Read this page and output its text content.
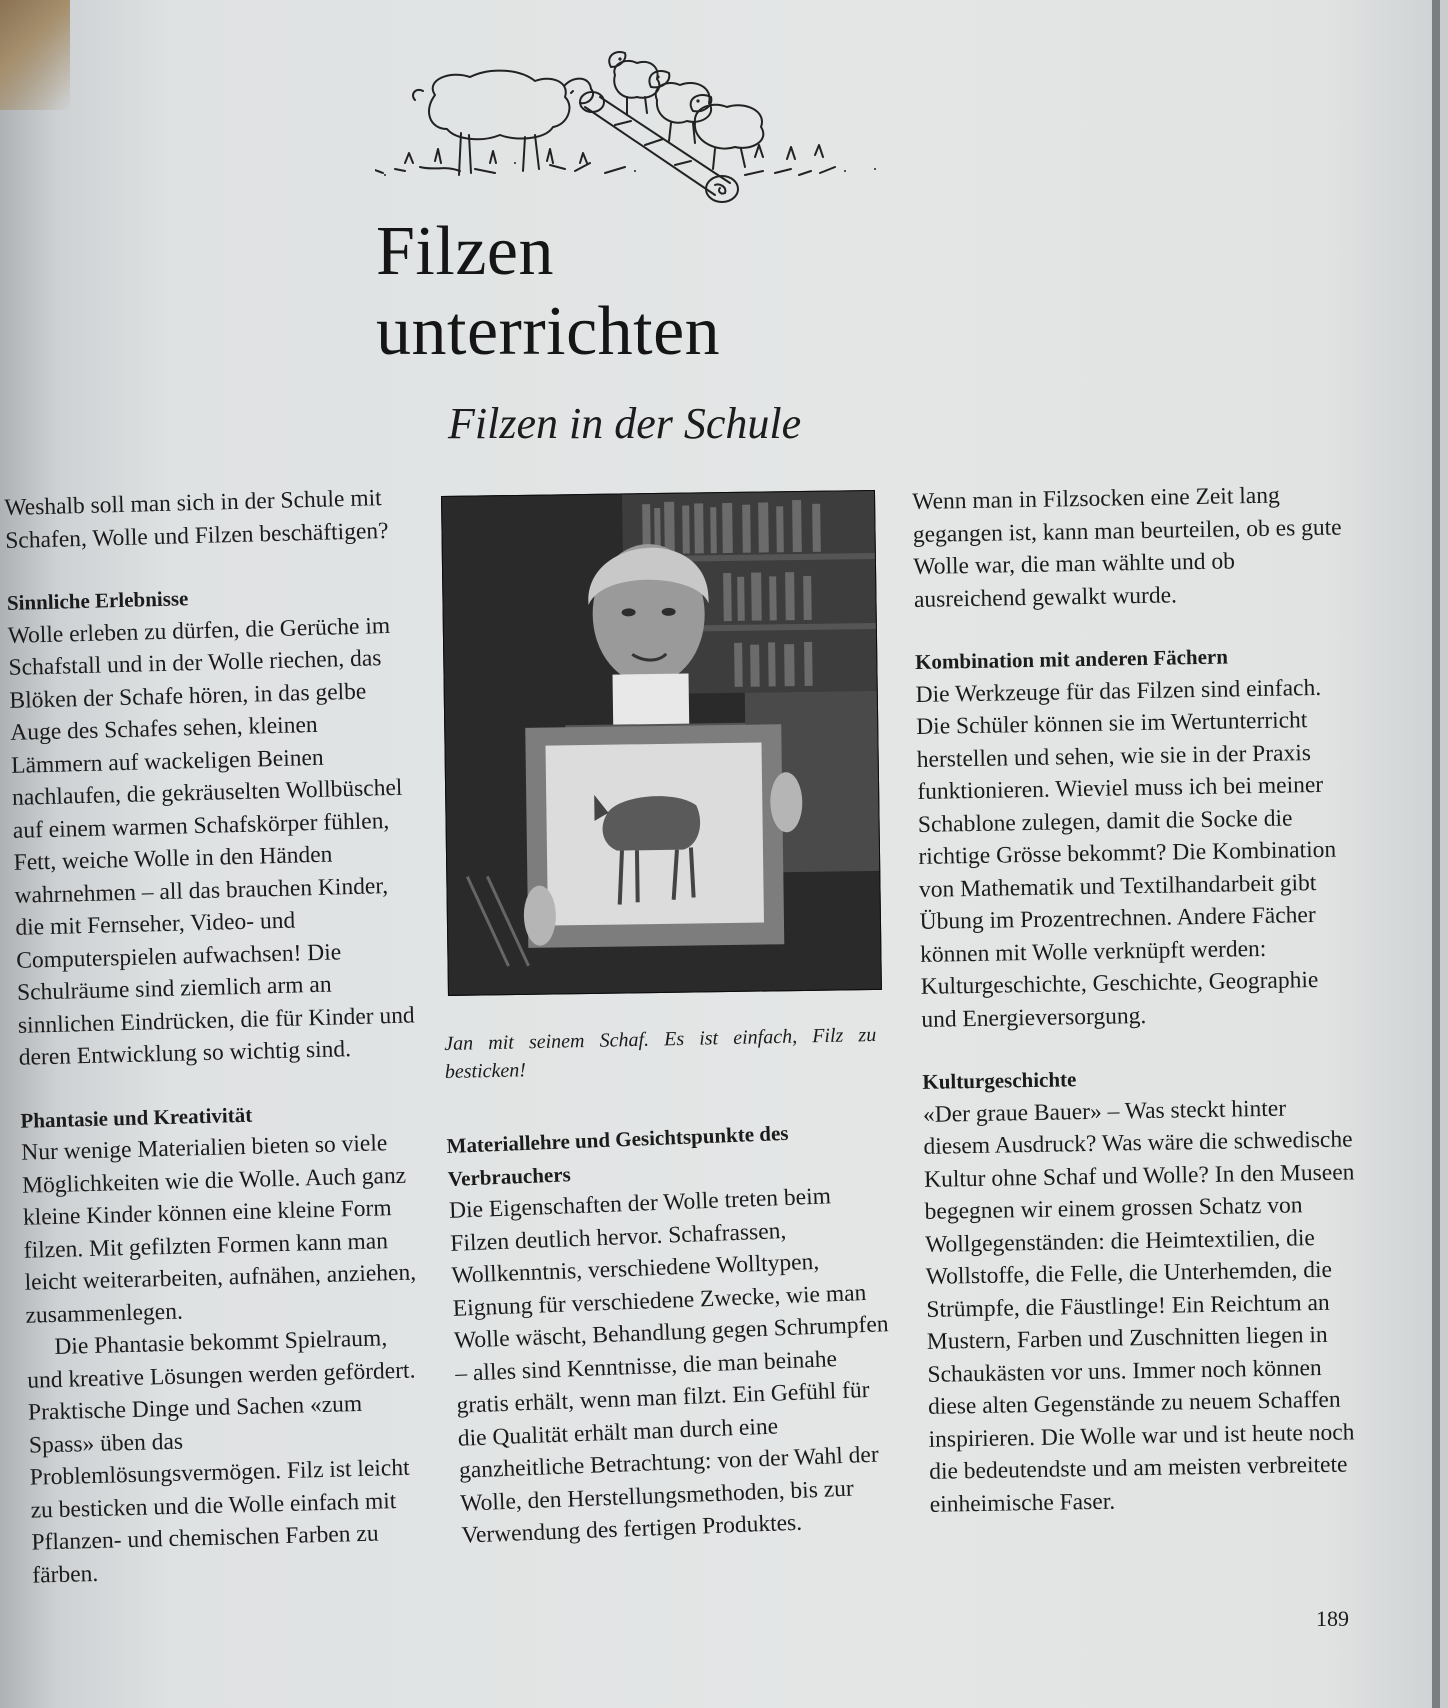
Filzen unterrichten
Filzen in der Schule

Weshalb soll man sich in der Schule mit Schafen, Wolle und Filzen beschäftigen?

Sinnliche Erlebnisse

Wolle erleben zu dürfen, die Gerüche im Schafstall und in der Wolle riechen, das Blöken der Schafe hören, in das gelbe Auge des Schafes sehen, kleinen Lämmern auf wackeligen Beinen nachlaufen, die gekräuselten Wollbüschel auf einem warmen Schafskörper fühlen, Fett, weiche Wolle in den Händen wahrnehmen – all das brauchen Kinder, die mit Fernseher, Video- und Computerspielen aufwachsen! Die Schulräume sind ziemlich arm an sinnlichen Eindrücken, die für Kinder und deren Entwicklung so wichtig sind.

Phantasie und Kreativität

Nur wenige Materialien bieten so viele Möglichkeiten wie die Wolle. Auch ganz kleine Kinder können eine kleine Form filzen. Mit gefilzten Formen kann man leicht weiterarbeiten, aufnähen, anziehen, zusammenlegen.

Die Phantasie bekommt Spielraum, und kreative Lösungen werden gefördert. Praktische Dinge und Sachen «zum Spass» üben das Problemlösungsvermögen. Filz ist leicht zu besticken und die Wolle einfach mit Pflanzen- und chemischen Farben zu färben.

Jan mit seinem Schaf. Es ist einfach, Filz zu besticken!

Materiallehre und Gesichtspunkte des Verbrauchers

Die Eigenschaften der Wolle treten beim Filzen deutlich hervor. Schafrassen, Wollkenntnis, verschiedene Wolltypen, Eignung für verschiedene Zwecke, wie man Wolle wäscht, Behandlung gegen Schrumpfen – alles sind Kenntnisse, die man beinahe gratis erhält, wenn man filzt. Ein Gefühl für die Qualität erhält man durch eine ganzheitliche Betrachtung: von der Wahl der Wolle, den Herstellungsmethoden, bis zur Verwendung des fertigen Produktes.

Wenn man in Filzsocken eine Zeit lang gegangen ist, kann man beurteilen, ob es gute Wolle war, die man wählte und ob ausreichend gewalkt wurde.

Kombination mit anderen Fächern

Die Werkzeuge für das Filzen sind einfach. Die Schüler können sie im Wertunterricht herstellen und sehen, wie sie in der Praxis funktionieren. Wieviel muss ich bei meiner Schablone zulegen, damit die Socke die richtige Grösse bekommt? Die Kombination von Mathematik und Textilhandarbeit gibt Übung im Prozentrechnen. Andere Fächer können mit Wolle verknüpft werden: Kulturgeschichte, Geschichte, Geographie und Energieversorgung.

Kulturgeschichte

«Der graue Bauer» – Was steckt hinter diesem Ausdruck? Was wäre die schwedische Kultur ohne Schaf und Wolle? In den Museen begegnen wir einem grossen Schatz von Wollgegenständen: die Heimtextilien, die Wollstoffe, die Felle, die Unterhemden, die Strümpfe, die Fäustlinge! Ein Reichtum an Mustern, Farben und Zuschnitten liegen in Schaukästen vor uns. Immer noch können diese alten Gegenstände zu neuem Schaffen inspirieren. Die Wolle war und ist heute noch die bedeutendste und am meisten verbreitete einheimische Faser.

189
